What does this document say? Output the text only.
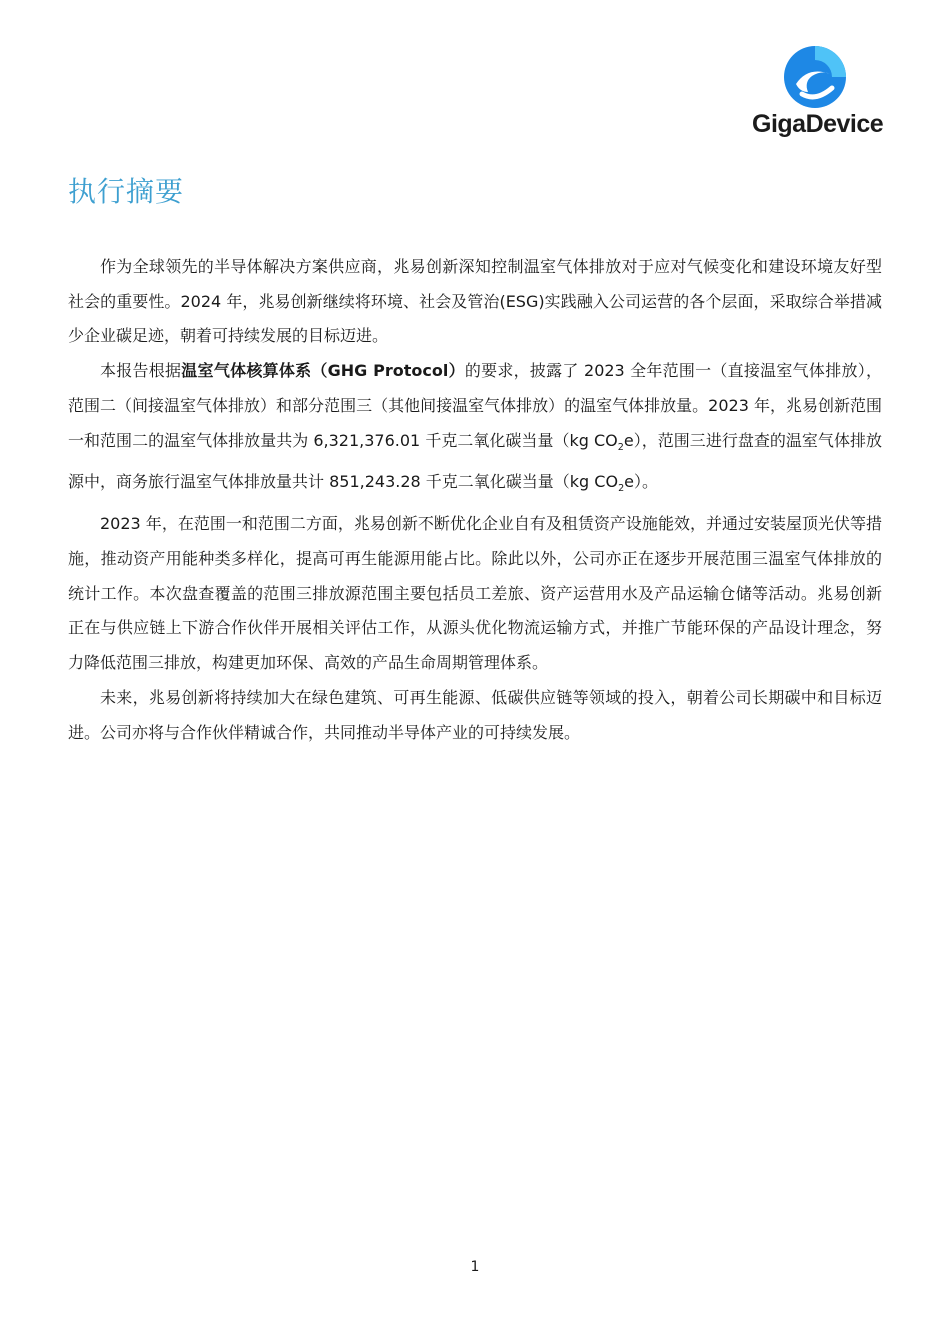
GigaDevice
执行摘要

作为全球领先的半导体解决方案供应商，兆易创新深知控制温室气体排放对于应对气候变化和建设环境友好型社会的重要性。2024 年，兆易创新继续将环境、社会及管治(ESG)实践融入公司运营的各个层面，采取综合举措减少企业碳足迹，朝着可持续发展的目标迈进。

本报告根据温室气体核算体系（GHG Protocol）的要求，披露了 2023 全年范围一（直接温室气体排放），范围二（间接温室气体排放）和部分范围三（其他间接温室气体排放）的温室气体排放量。2023 年，兆易创新范围一和范围二的温室气体排放量共为 6,321,376.01 千克二氧化碳当量（kg $CO_2e$），范围三进行盘查的温室气体排放源中，商务旅行温室气体排放量共计 851,243.28 千克二氧化碳当量（kg $CO_2e$）。

2023 年，在范围一和范围二方面，兆易创新不断优化企业自有及租赁资产设施能效，并通过安装屋顶光伏等措施，推动资产用能种类多样化，提高可再生能源用能占比。除此以外，公司亦正在逐步开展范围三温室气体排放的统计工作。本次盘查覆盖的范围三排放源范围主要包括员工差旅、资产运营用水及产品运输仓储等活动。兆易创新正在与供应链上下游合作伙伴开展相关评估工作，从源头优化物流运输方式，并推广节能环保的产品设计理念，努力降低范围三排放，构建更加环保、高效的产品生命周期管理体系。

未来，兆易创新将持续加大在绿色建筑、可再生能源、低碳供应链等领域的投入，朝着公司长期碳中和目标迈进。公司亦将与合作伙伴精诚合作，共同推动半导体产业的可持续发展。

1
